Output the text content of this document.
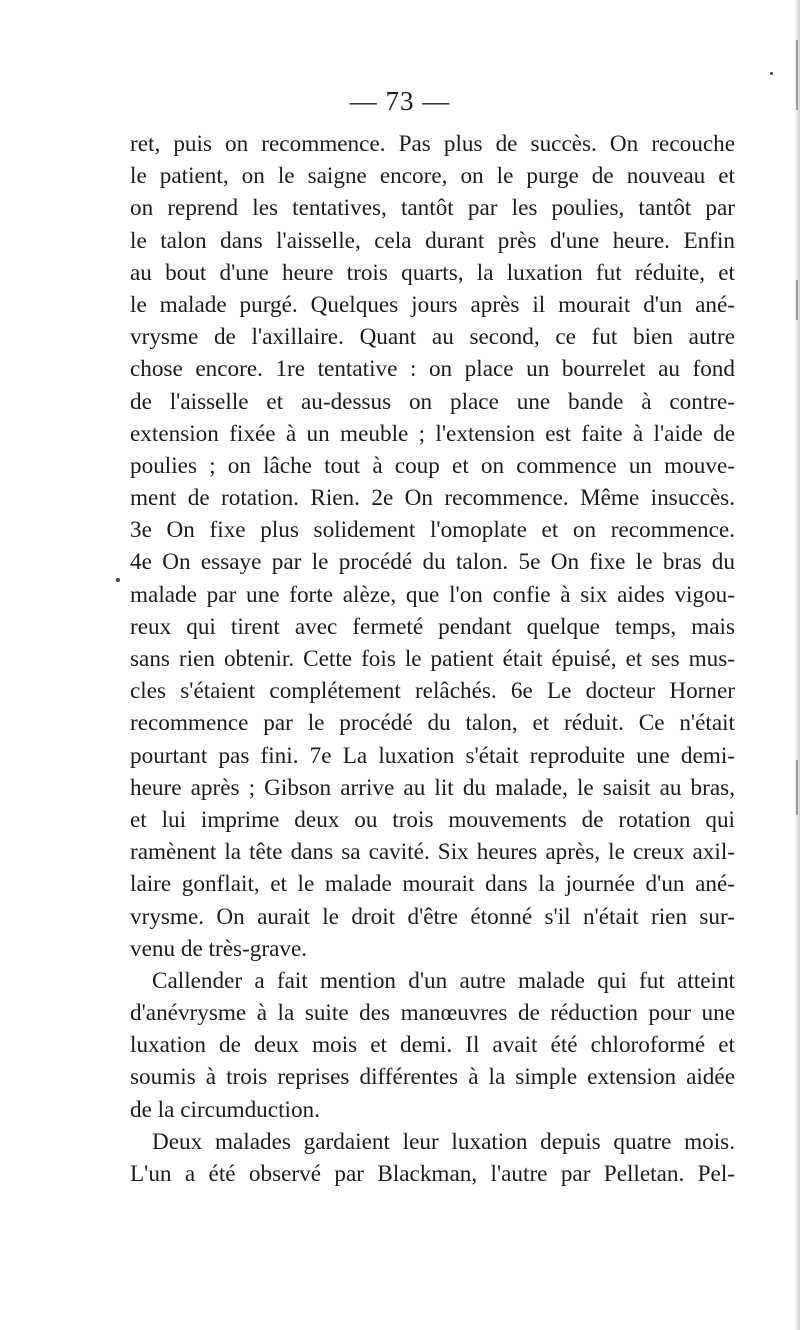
— 73 —
ret, puis on recommence. Pas plus de succès. On recouche
le patient, on le saigne encore, on le purge de nouveau et
on reprend les tentatives, tantôt par les poulies, tantôt par
le talon dans l'aisselle, cela durant près d'une heure. Enfin
au bout d'une heure trois quarts, la luxation fut réduite, et
le malade purgé. Quelques jours après il mourait d'un ané-
vrysme de l'axillaire. Quant au second, ce fut bien autre
chose encore. 1re tentative : on place un bourrelet au fond
de l'aisselle et au-dessus on place une bande à contre-
extension fixée à un meuble ; l'extension est faite à l'aide de
poulies ; on lâche tout à coup et on commence un mouve-
ment de rotation. Rien. 2e On recommence. Même insuccès.
3e On fixe plus solidement l'omoplate et on recommence.
4e On essaye par le procédé du talon. 5e On fixe le bras du
malade par une forte alèze, que l'on confie à six aides vigou-
reux qui tirent avec fermeté pendant quelque temps, mais
sans rien obtenir. Cette fois le patient était épuisé, et ses mus-
cles s'étaient complétement relâchés. 6e Le docteur Horner
recommence par le procédé du talon, et réduit. Ce n'était
pourtant pas fini. 7e La luxation s'était reproduite une demi-
heure après ; Gibson arrive au lit du malade, le saisit au bras,
et lui imprime deux ou trois mouvements de rotation qui
ramènent la tête dans sa cavité. Six heures après, le creux axil-
laire gonflait, et le malade mourait dans la journée d'un ané-
vrysme. On aurait le droit d'être étonné s'il n'était rien sur-
venu de très-grave.
Callender a fait mention d'un autre malade qui fut atteint
d'anévrysme à la suite des manœuvres de réduction pour une
luxation de deux mois et demi. Il avait été chloroformé et
soumis à trois reprises différentes à la simple extension aidée
de la circumduction.
Deux malades gardaient leur luxation depuis quatre mois.
L'un a été observé par Blackman, l'autre par Pelletan. Pel-
